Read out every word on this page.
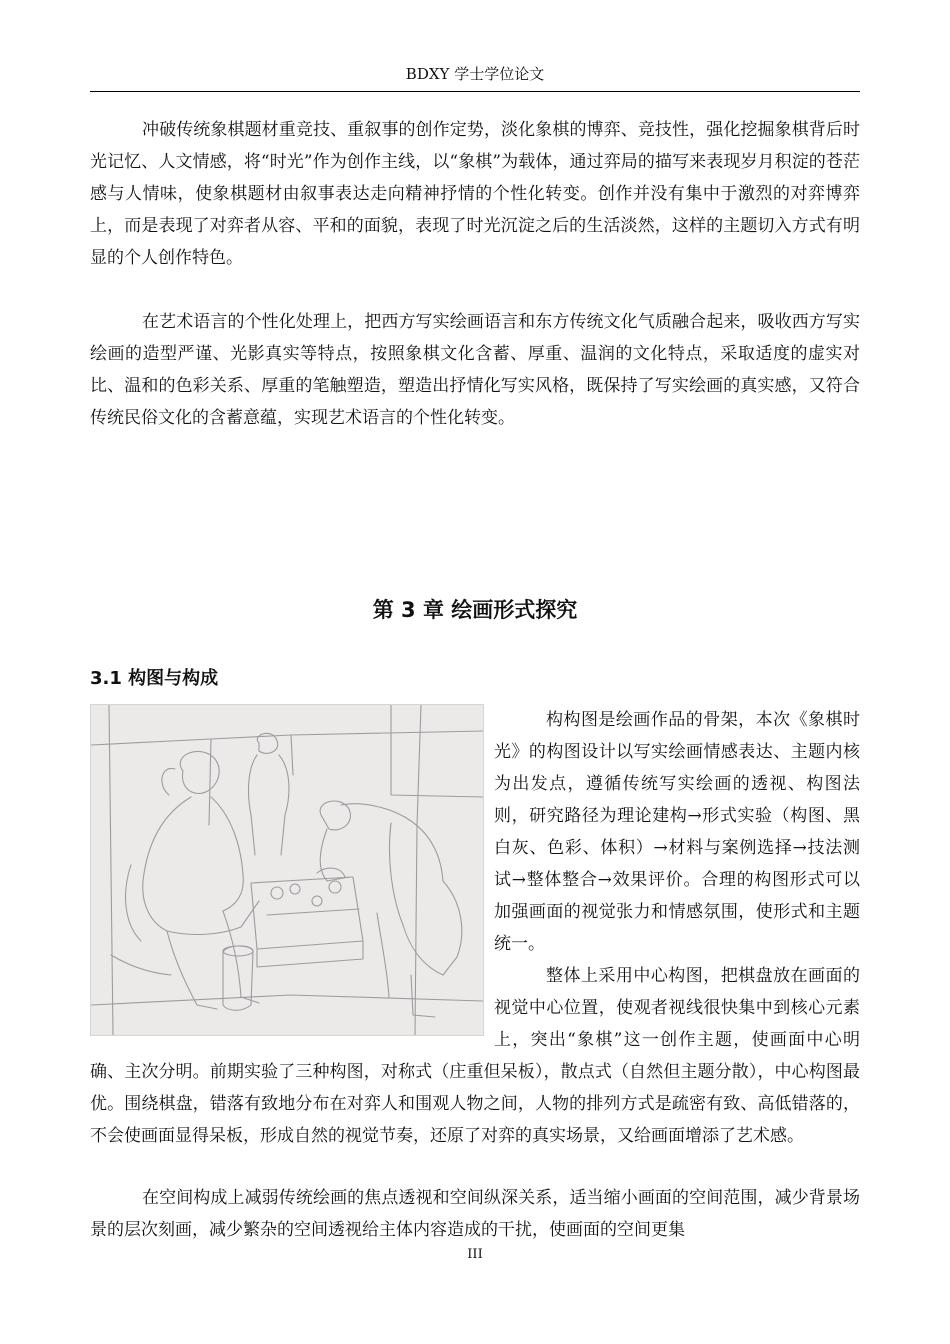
BDXY 学士学位论文

冲破传统象棋题材重竞技、重叙事的创作定势，淡化象棋的博弈、竞技性，强化挖掘象棋背后时光记忆、人文情感，将“时光”作为创作主线，以“象棋”为载体，通过弈局的描写来表现岁月积淀的苍茫感与人情味，使象棋题材由叙事表达走向精神抒情的个性化转变。创作并没有集中于激烈的对弈博弈上，而是表现了对弈者从容、平和的面貌，表现了时光沉淀之后的生活淡然，这样的主题切入方式有明显的个人创作特色。

在艺术语言的个性化处理上，把西方写实绘画语言和东方传统文化气质融合起来，吸收西方写实绘画的造型严谨、光影真实等特点，按照象棋文化含蓄、厚重、温润的文化特点，采取适度的虚实对比、温和的色彩关系、厚重的笔触塑造，塑造出抒情化写实风格，既保持了写实绘画的真实感，又符合传统民俗文化的含蓄意蕴，实现艺术语言的个性化转变。

第 3 章 绘画形式探究
3.1 构图与构成

构构图是绘画作品的骨架，本次《象棋时光》的构图设计以写实绘画情感表达、主题内核为出发点，遵循传统写实绘画的透视、构图法则，研究路径为理论建构→形式实验（构图、黑白灰、色彩、体积）→材料与案例选择→技法测试→整体整合→效果评价。合理的构图形式可以加强画面的视觉张力和情感氛围，使形式和主题统一。

整体上采用中心构图，把棋盘放在画面的视觉中心位置，使观者视线很快集中到核心元素上，突出“象棋”这一创作主题，使画面中心明确、主次分明。前期实验了三种构图，对称式（庄重但呆板），散点式（自然但主题分散），中心构图最优。围绕棋盘，错落有致地分布在对弈人和围观人物之间，人物的排列方式是疏密有致、高低错落的，不会使画面显得呆板，形成自然的视觉节奏，还原了对弈的真实场景，又给画面增添了艺术感。

在空间构成上减弱传统绘画的焦点透视和空间纵深关系，适当缩小画面的空间范围，减少背景场景的层次刻画，减少繁杂的空间透视给主体内容造成的干扰，使画面的空间更集

III
